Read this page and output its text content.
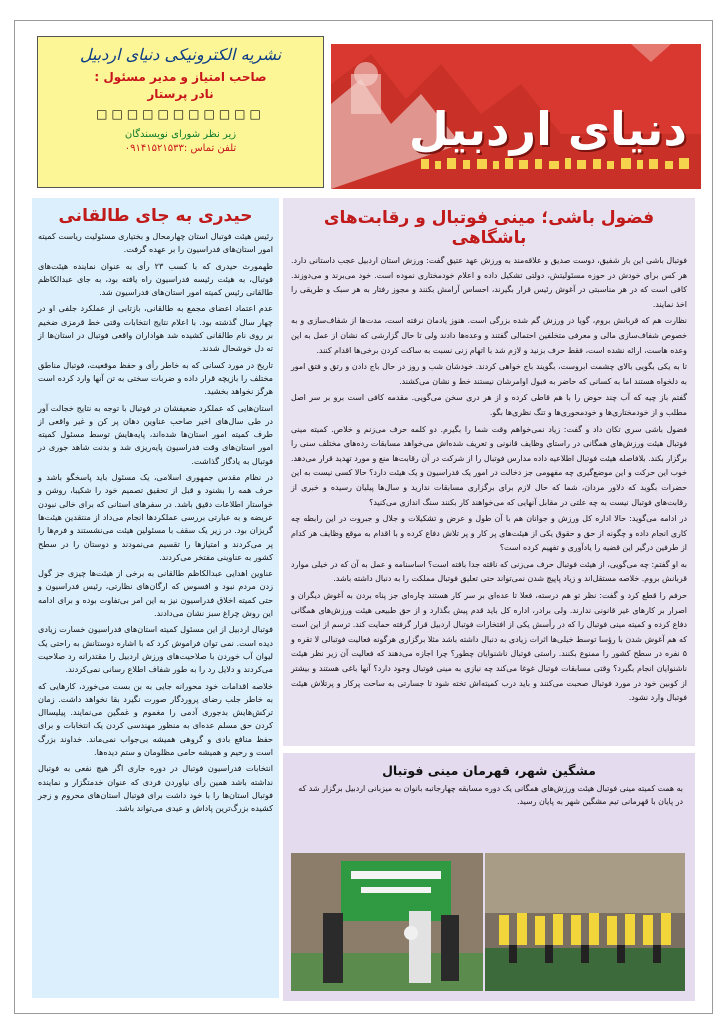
دنیای اردبیل
نشریه الکترونیکی دنیای اردبیل
صاحب امتیاز و مدیر مسئول :
نادر پرستار
□□□□□□□□□□□
زیر نظر شورای نویسندگان
تلفن تماس :۰۹۱۴۱۵۲۱۵۳۳
حیدری به جای طالقانی

رئیس هیئت فوتبال استان چهارمحال و بختیاری مسئولیت ریاست کمیته امور استان‌های فدراسیون را بر عهده گرفت.

طهمورث حیدری که با کسب ۲۳ رأی به عنوان نماینده هیئت‌های فوتبال، به هیئت رئیسه فدراسیون راه یافته بود، به جای عبدالکاظم طالقانی رئیس کمیته امور استان‌های فدراسیون شد.

عدم اعتماد اعضای مجمع به طالقانی، بازتابی از عملکرد جلفی او در چهار سال گذشته بود. با اعلام نتایج انتخابات وقتی خط قرمزی ضخیم بر روی نام طالقانی کشیده شد هواداران واقعی فوتبال در استان‌ها از ته دل خوشحال شدند.

تاریخ در مورد کسانی که به خاطر رأی و حفظ موقعیت، فوتبال مناطق مختلف را بازیچه قرار داده و ضربات سختی به تن آنها وارد کرده است هرگز نخواهد بخشید.

استان‌هایی که عملکرد ضعیفشان در فوتبال با توجه به نتایج خجالت آور در طی سال‌های اخیر صاحب عناوین دهان پر کن و غیر واقعی از طرف کمیته امور استان‌ها شده‌اند، پایه‌هایش توسط مسئول کمیته امور استان‌های وقت فدراسیون پایه‌ریزی شد و بدنت شاهد جوری در فوتبال به یادگار گذاشت.

در نظام مقدس جمهوری اسلامی، یک مسئول باید پاسخگو باشد و حرف همه را بشنود و قبل از تحقیق تصمیم خود را شکیبا، روشن و خواستار اطلاعات دقیق باشد. در سفرهای استانی که برای خالی نبودن عریضه و به عبارتی بررسی عملکردها انجام می‌داد از منتقدین هیئت‌ها گریزان بود. در زیر یک سقف با مسئولین هیئت می‌نشستند و فرم‌ها را پر می‌کردند و امتیازها را تقسیم می‌نمودند و دوستان را در سطح کشور به عناوینی مفتخر می‌کردند.

عناوین اهدایی عبدالکاظم طالقانی به برخی از هیئت‌ها چیزی جز گول زدن مردم نبود و افسوس که ارگان‌های نظارتی، رئیس فدراسیون و حتی کمیته اخلاق فدراسیون نیز به این امر بی‌تفاوت بوده و برای ادامه این روش چراغ سبز نشان می‌دادند.

فوتبال اردبیل از این مسئول کمیته استان‌های فدراسیون خسارت زیادی دیده است. نمی‌ توان فراموش کرد که با اشاره دوستانش به راحتی یک لیوان آب خوردن با صلاحیت‌های ورزش اردبیل را مقتدرانه رد صلاحیت می‌کردند و دلایل رد را به طور شفاف اطلاع رسانی نمی‌کردند.

خلاصه اقدامات خود محورانه جایی به بن بست می‌خورد، کارهایی که به خاطر جلب رضای پروردگار صورت نگیرد بقا نخواهد داشت. زمان ترکش‌هایش بدجوری آدمی را مغموم و غمگین می‌نمایند. پیلیساال کردن حق مسلم عده‌ای به منظور مهندسی کردن یک انتخابات و برای حفظ منافع بادی و گروهی همیشه بی‌جواب نمی‌ماند. خداوند بزرگ است و رحیم و همیشه حامی مظلومان و ستم دیده‌ها.

انتخابات فدراسیون فوتبال در دوره جاری اگر هیچ نفعی به فوتبال نداشته باشد همین رأی نیاوردن فردی که عنوان خدمتگزار و نماینده فوتبال استان‌ها را با خود داشت برای فوتبال استان‌های محروم و زجر کشیده بزرگ‌ترین پاداش و عیدی می‌تواند باشد.

فضول باشی؛ مینی فوتبال و رقابت‌های باشگاهی

فوتبال باشی این بار شفیق، دوست صدیق و علاقه‌مند به ورزش عهد عتیق گفت: ورزش استان اردبیل عجب داستانی دارد. هر کس برای خودش در حوزه مسئولیتش، دولتی تشکیل داده و اعلام خودمختاری نموده است. خود می‌برند و می‌دوزند. کافی است که در هر مناسبتی در آغوش رئیس قرار بگیرند، احساس آرامش بکنند و مجوز رفتار به هر سبک و طریقی را اخذ نمایند.

نظارت هم که قربانش بروم، گویا در ورزش گم شده بزرگی است. هنوز یادمان نرفته است، مدت‌ها از شفاف‌سازی و به خصوص شفاف‌سازی مالی و معرفی متخلفین احتمالی گفتند و وعده‌ها دادند ولی تا حال گزارشی که نشان از عمل به این وعده هاست، ارائه نشده است، فقط حرف بزنید و لازم شد با اتهام زنی نسبت به ساکت کردن برخی‌ها اقدام کنند.

تا به یکی بگویی بالای چشمت ابروست، بگویند باج خواهی کردند. خودشان شب و روز در حال باج دادن و رتق و فتق امور به دلخواه هستند اما به کسانی که حاضر به قبول اوامرشان نیستند خط و نشان می‌کشند.

گفتم باز چیه که آب چند حوض را با هم قاطی کرده و از هر دری سخن می‌گویی. مقدمه کافی است برو بر سر اصل مطلب و از خودمختاری‌ها و خودمحوری‌ها و تنگ نظری‌ها بگو.

فضول باشی سری تکان داد و گفت: زیاد نمی‌خواهم وقت شما را بگیرم. دو کلمه حرف می‌زنم و خلاص. کمیته مینی فوتبال هیئت ورزش‌های همگانی در راستای وظایف قانونی و تعریف شده‌اش می‌خواهد مسابقات رده‌های مختلف سنی را برگزار بکند. بلافاصله هیئت فوتبال اطلاعیه داده مدارس فوتبال را از شرکت در آن رقابت‌ها منع و مورد تهدید قرار می‌دهد. خوب این حرکت و این موضع‌گیری چه مفهومی جز دخالت در امور یک فدراسیون و یک هیئت دارد؟ حالا کسی نیست به این حضرات بگوید که دلاور مردان، شما که حال لازم برای برگزاری مسابقات ندارید و سال‌ها پیلیان رسیده و خبری از رقابت‌های فوتبال نیست به چه علتی در مقابل آنهایی که می‌خواهند کار بکنند سنگ اندازی می‌کنید؟

در ادامه می‌گوید: حالا اداره کل ورزش و جوانان هم با آن طول و عرض و تشکیلات و جلال و جبروت در این رابطه چه کاری انجام داده و چگونه از حق و حقوق یکی از هیئت‌های پر کار و پر تلاش دفاع کرده و با اقدام به موقع وظایف هر کدام از طرفین درگیر این قضیه را یادآوری و تفهیم کرده است؟

به او گفتم: چه می‌گویی، از هیئت فوتبال حرف می‌زنی که ناقته جدا بافته است؟ اساسنامه و عمل به آن که در خیلی موارد قربانش بروم. خلاصه مستقل‌اند و زیاد پاپیچ شدن نمی‌تواند حتی تعلیق فوتبال مملکت را به دنبال داشته باشد.

حرفم را قطع کرد و گفت: نظر تو هم درسته، فعلا تا عده‌ای بر سر کار هستند چاره‌ای جز پناه بردن به آغوش دیگران و اصرار بر کارهای غیر قانونی ندارند. ولی برادر، اداره کل باید قدم پیش بگذارد و از حق طبیعی هیئت ورزش‌های همگانی دفاع کرده و کمیته مینی فوتبال را که در رأسش یکی از افتخارات فوتبال اردبیل قرار گرفته حمایت کند. ترسم از این است که هم آغوش شدن با رؤسا توسط خیلی‌ها اثرات زیادی به دنبال داشته باشد مثلا برگزاری هرگونه فعالیت فوتبالی لا تقره و ۵ نفره در سطح کشور را ممنوع بکنند. راستی فوتبال ناشنوایان چطور؟ چرا اجازه می‌دهند که فعالیت آن زیر نظر هیئت ناشنوایان انجام بگیرد؟ وقتی مسابقات فوتبال غوغا می‌کند چه نیازی به مینی فوتبال وجود دارد؟ آنها باغی هستند و بیشتر از کوبین خود در مورد فوتبال صحبت می‌کنند و باید درب کمیته‌اش تخته شود تا جسارتی به ساحت پرکار و پرتلاش هیئت فوتبال وارد نشود.

مشگین شهر، قهرمان مینی فوتبال
به همت کمیته مینی فوتبال هیئت ورزش‌های همگانی یک دوره مسابقه چهارجانبه بانوان به میزبانی اردبیل برگزار شد که در پایان با قهرمانی تیم مشگین شهر به پایان رسید.
